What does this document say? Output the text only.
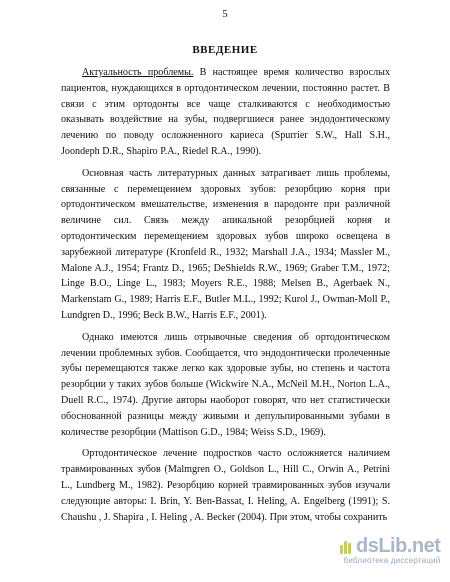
5
ВВЕДЕНИЕ

Актуальность проблемы. В настоящее время количество взрослых пациентов, нуждающихся в ортодонтическом лечении, постоянно растет. В связи с этим ортодонты все чаще сталкиваются с необходимостью оказывать воздействие на зубы, подвергшиеся ранее эндодонтическому лечению по поводу осложненного кариеса (Spurrier S.W., Hall S.H., Joondeph D.R., Shapiro P.A., Riedel R.A., 1990).

Основная часть литературных данных затрагивает лишь проблемы, связанные с перемещением здоровых зубов: резорбцию корня при ортодонтическом вмешательстве, изменения в пародонте при различной величине сил. Связь между апикальной резорбцией корня и ортодонтическим перемещением здоровых зубов широко освещена в зарубежной литературе (Kronfeld R., 1932; Marshall J.A., 1934; Massler M., Malone A.J., 1954; Frantz D., 1965; DeShields R.W., 1969; Graber T.M., 1972; Linge B.O., Linge L., 1983; Moyers R.E., 1988; Melsen B., Agerbaek N., Markenstam G., 1989; Harris E.F., Butler M.L., 1992; Kurol J., Owman-Moll P., Lundgren D., 1996; Beck B.W., Harris E.F., 2001).

Однако имеются лишь отрывочные сведения об ортодонтическом лечении проблемных зубов. Сообщается, что эндодонтически пролеченные зубы перемещаются также легко как здоровые зубы, но степень и частота резорбции у таких зубов больше (Wickwire N.A., McNeil M.H., Norton L.A., Duell R.C., 1974). Другие авторы наоборот говорят, что нет статистически обоснованной разницы между живыми и депульпированными зубами в количестве резорбции (Mattison G.D., 1984; Weiss S.D., 1969).

Ортодонтическое лечение подростков часто осложняется наличием травмированных зубов (Malmgren O., Goldson L., Hill C., Orwin A., Petrini L., Lundberg M., 1982). Резорбцию корней травмированных зубов изучали следующие авторы: I. Brin, Y. Ben-Bassat, I. Heling, A. Engelberg (1991); S. Chaushu , J. Shapira , I. Heling , A. Becker (2004). При этом, чтобы сохранить

dsLib.net
библиотека диссертаций
